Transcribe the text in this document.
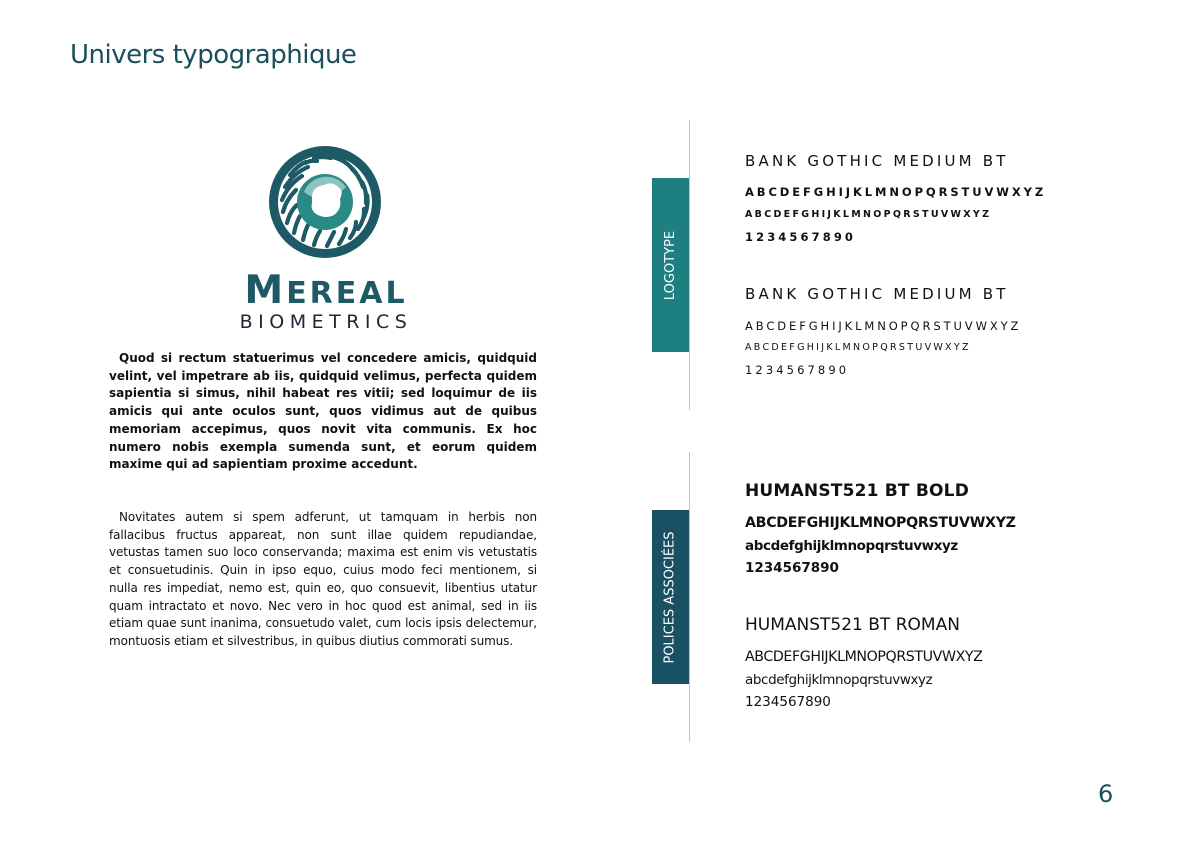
Univers typographique
MEREAL
BIOMETRICS

Quod si rectum statuerimus vel concedere amicis, quidquid velint, vel impetrare ab iis, quidquid velimus, perfecta quidem sapientia si simus, nihil habeat res vitii; sed loquimur de iis amicis qui ante oculos sunt, quos vidimus aut de quibus memoriam accepimus, quos novit vita communis. Ex hoc numero nobis exempla sumenda sunt, et eorum quidem maxime qui ad sapientiam proxime accedunt.

Novitates autem si spem adferunt, ut tamquam in herbis non fallacibus fructus appareat, non sunt illae quidem repudiandae, vetustas tamen suo loco conservanda; maxima est enim vis vetustatis et consuetudinis. Quin in ipso equo, cuius modo feci mentionem, si nulla res impediat, nemo est, quin eo, quo consuevit, libentius utatur quam intractato et novo. Nec vero in hoc quod est animal, sed in iis etiam quae sunt inanima, consuetudo valet, cum locis ipsis delectemur, montuosis etiam et silvestribus, in quibus diutius commorati sumus.

LOGOTYPE
POLICES ASSOCIÉES
BANK GOTHIC MEDIUM BT
ABCDEFGHIJKLMNOPQRSTUVWXYZ
ABCDEFGHIJKLMNOPQRSTUVWXYZ
1234567890
BANK GOTHIC MEDIUM BT
ABCDEFGHIJKLMNOPQRSTUVWXYZ
ABCDEFGHIJKLMNOPQRSTUVWXYZ
1234567890
HUMANST521 BT BOLD
ABCDEFGHIJKLMNOPQRSTUVWXYZ
abcdefghijklmnopqrstuvwxyz
1234567890
HUMANST521 BT ROMAN
ABCDEFGHIJKLMNOPQRSTUVWXYZ
abcdefghijklmnopqrstuvwxyz
1234567890
6
